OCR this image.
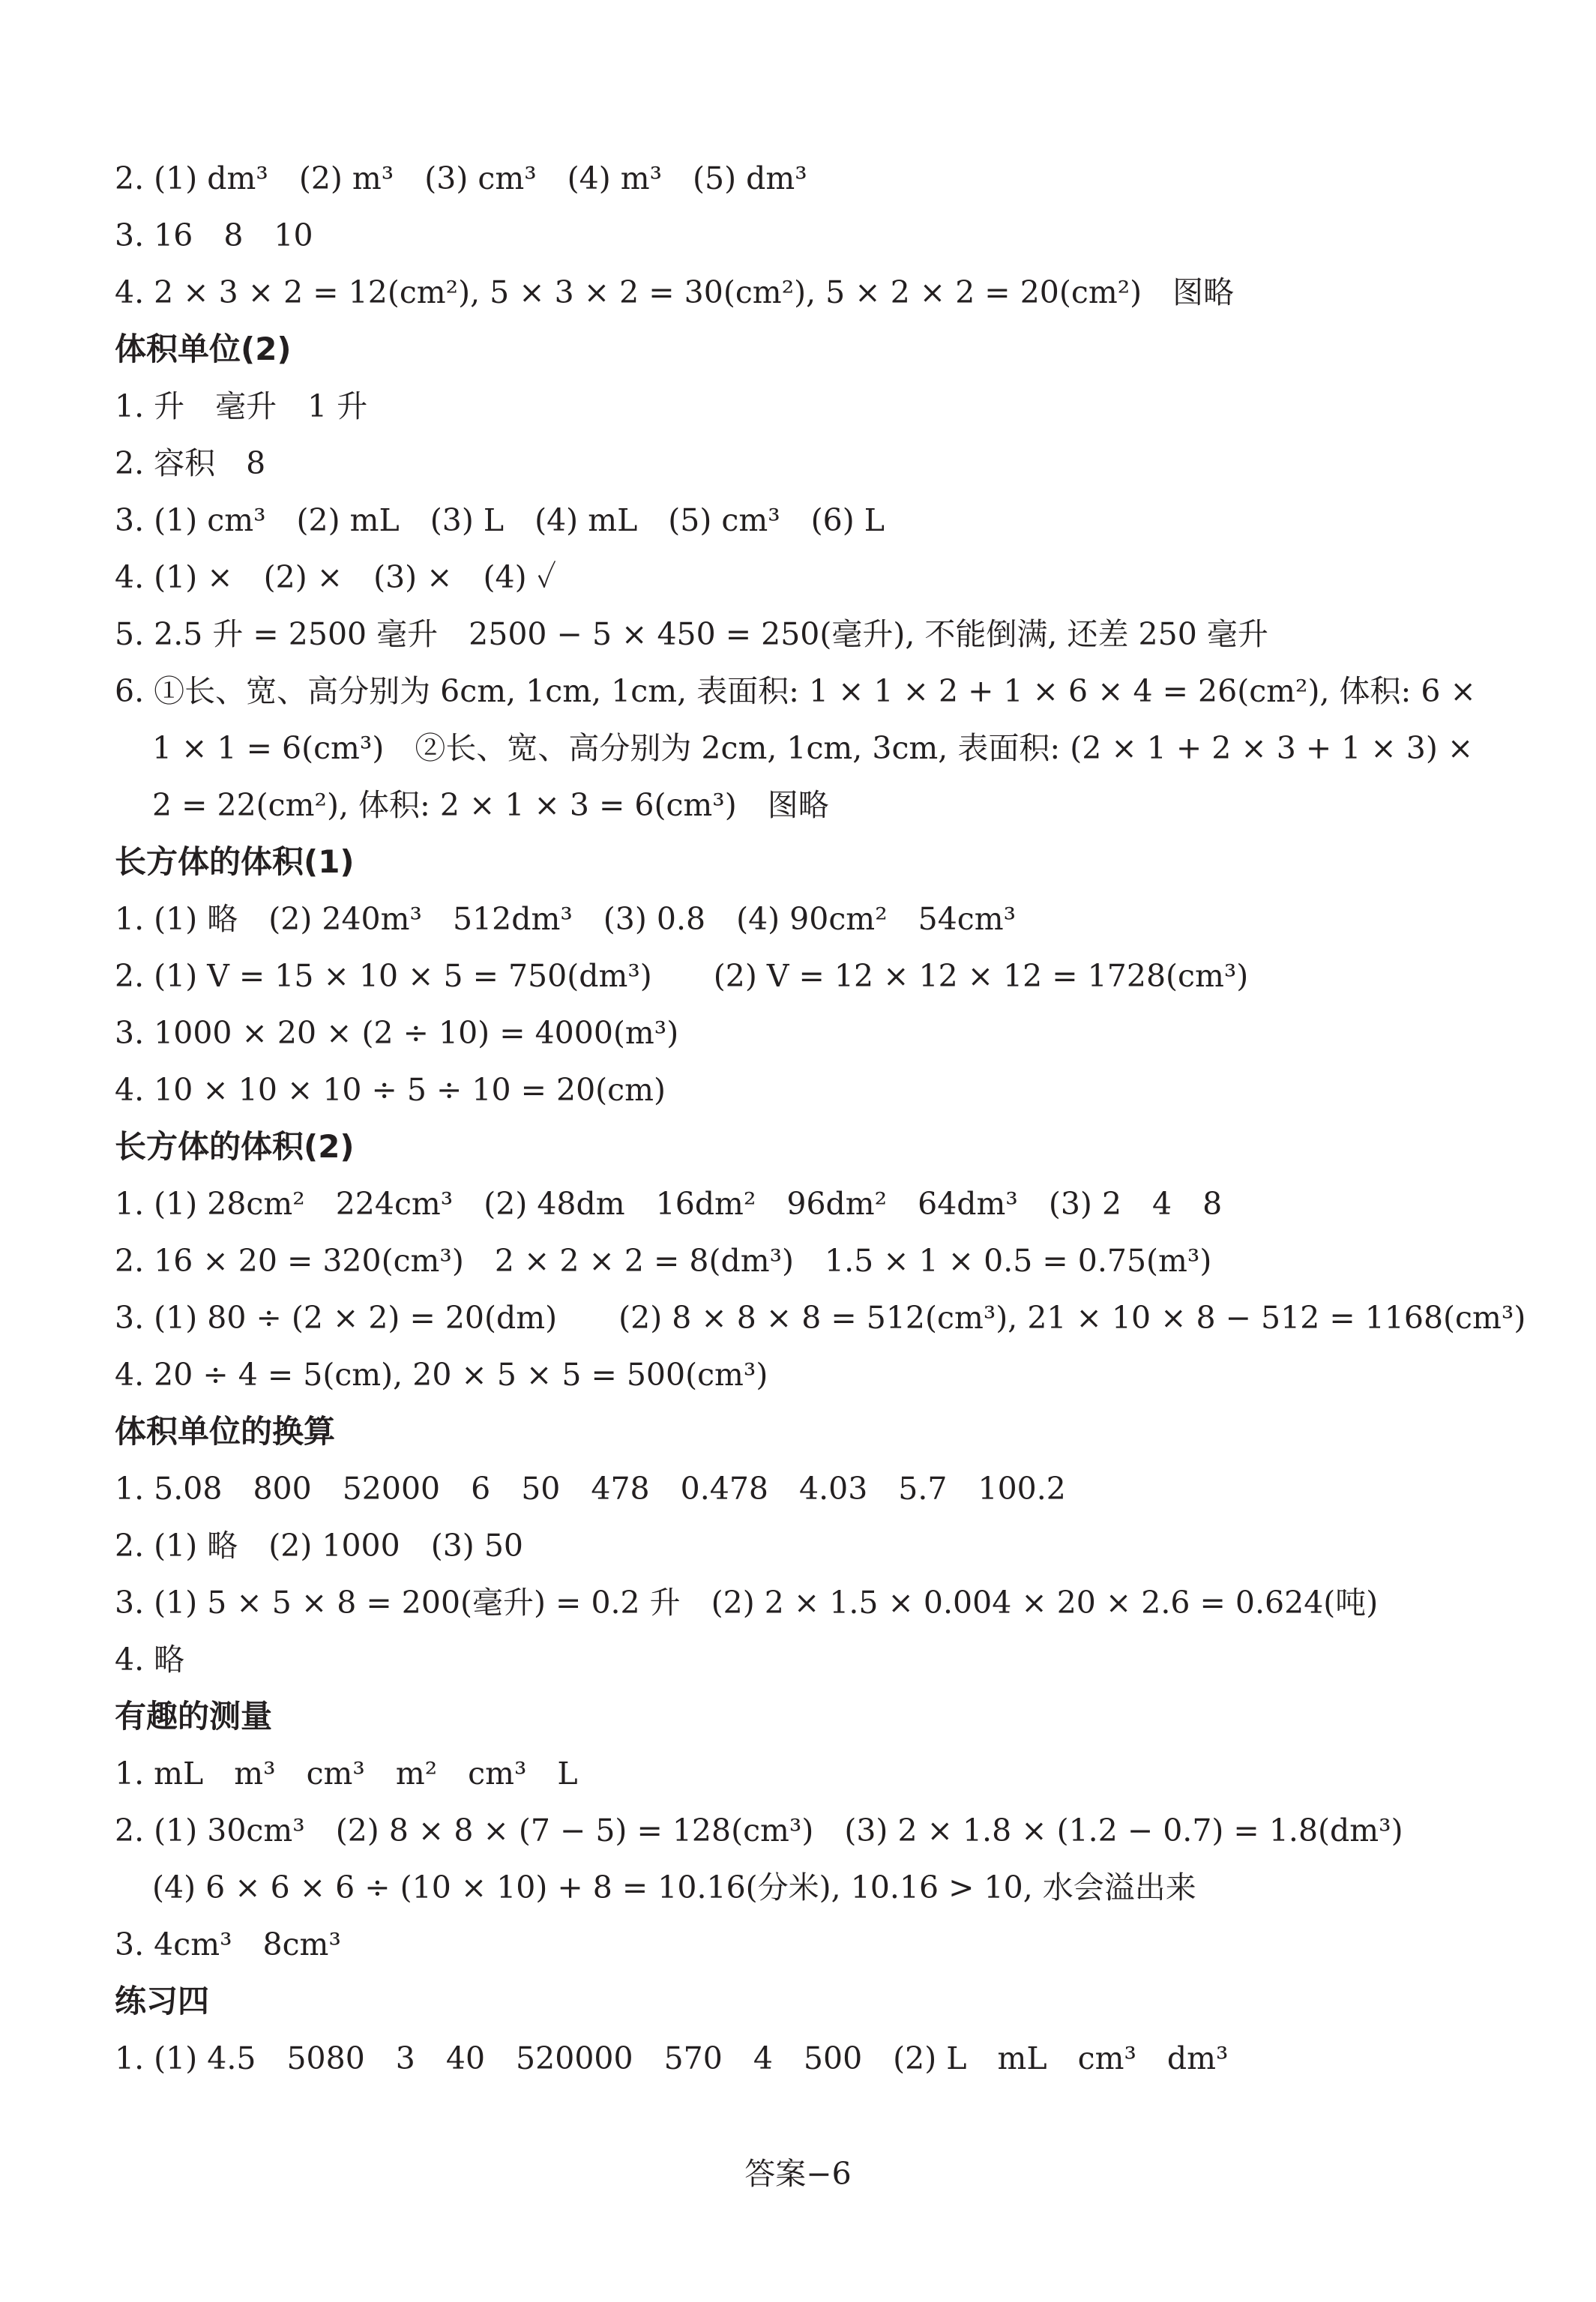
2. (1) dm³　(2) m³　(3) cm³　(4) m³　(5) dm³
3. 16　8　10
4. 2 × 3 × 2 = 12(cm²), 5 × 3 × 2 = 30(cm²), 5 × 2 × 2 = 20(cm²)　图略
体积单位(2)
1. 升　毫升　1 升
2. 容积　8
3. (1) cm³　(2) mL　(3) L　(4) mL　(5) cm³　(6) L
4. (1) ×　(2) ×　(3) ×　(4) ✓
5. 2.5 升 = 2500 毫升　2500 − 5 × 450 = 250(毫升), 不能倒满, 还差 250 毫升
6. ①长、宽、高分别为 6cm, 1cm, 1cm, 表面积: 1 × 1 × 2 + 1 × 6 × 4 = 26(cm²), 体积: 6 ×
1 × 1 = 6(cm³)　②长、宽、高分别为 2cm, 1cm, 3cm, 表面积: (2 × 1 + 2 × 3 + 1 × 3) ×
2 = 22(cm²), 体积: 2 × 1 × 3 = 6(cm³)　图略
长方体的体积(1)
1. (1) 略　(2) 240m³　512dm³　(3) 0.8　(4) 90cm²　54cm³
2. (1) V = 15 × 10 × 5 = 750(dm³)　　(2) V = 12 × 12 × 12 = 1728(cm³)
3. 1000 × 20 × (2 ÷ 10) = 4000(m³)
4. 10 × 10 × 10 ÷ 5 ÷ 10 = 20(cm)
长方体的体积(2)
1. (1) 28cm²　224cm³　(2) 48dm　16dm²　96dm²　64dm³　(3) 2　4　8
2. 16 × 20 = 320(cm³)　2 × 2 × 2 = 8(dm³)　1.5 × 1 × 0.5 = 0.75(m³)
3. (1) 80 ÷ (2 × 2) = 20(dm)　　(2) 8 × 8 × 8 = 512(cm³), 21 × 10 × 8 − 512 = 1168(cm³)
4. 20 ÷ 4 = 5(cm), 20 × 5 × 5 = 500(cm³)
体积单位的换算
1. 5.08　800　52000　6　50　478　0.478　4.03　5.7　100.2
2. (1) 略　(2) 1000　(3) 50
3. (1) 5 × 5 × 8 = 200(毫升) = 0.2 升　(2) 2 × 1.5 × 0.004 × 20 × 2.6 = 0.624(吨)
4. 略
有趣的测量
1. mL　m³　cm³　m²　cm³　L
2. (1) 30cm³　(2) 8 × 8 × (7 − 5) = 128(cm³)　(3) 2 × 1.8 × (1.2 − 0.7) = 1.8(dm³)
(4) 6 × 6 × 6 ÷ (10 × 10) + 8 = 10.16(分米), 10.16 > 10, 水会溢出来
3. 4cm³　8cm³
练习四
1. (1) 4.5　5080　3　40　520000　570　4　500　(2) L　mL　cm³　dm³
答案−6
